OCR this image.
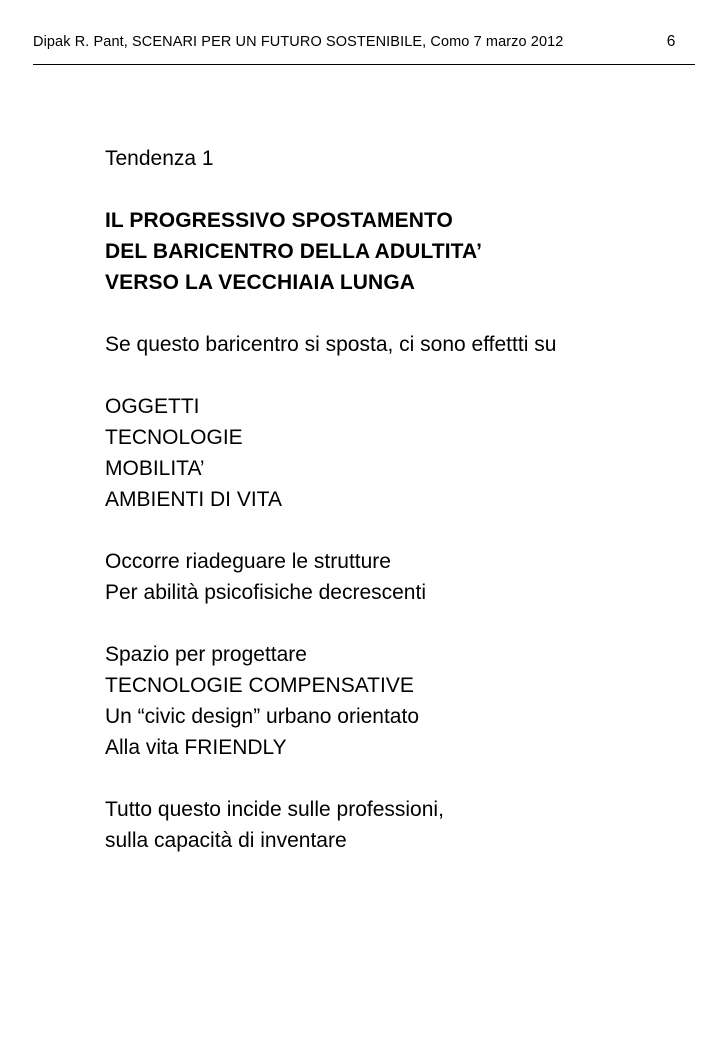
Dipak R. Pant, SCENARI PER UN FUTURO SOSTENIBILE, Como 7 marzo 2012	6
Tendenza 1
IL PROGRESSIVO SPOSTAMENTO
DEL BARICENTRO DELLA ADULTITA’
VERSO LA VECCHIAIA LUNGA
Se questo baricentro si sposta, ci sono effettti su
OGGETTI
TECNOLOGIE
MOBILITA’
AMBIENTI DI VITA
Occorre riadeguare le strutture
Per abilità psicofisiche decrescenti
Spazio per progettare
TECNOLOGIE COMPENSATIVE
Un “civic design” urbano orientato
Alla vita FRIENDLY
Tutto questo incide sulle professioni,
sulla capacità di inventare
